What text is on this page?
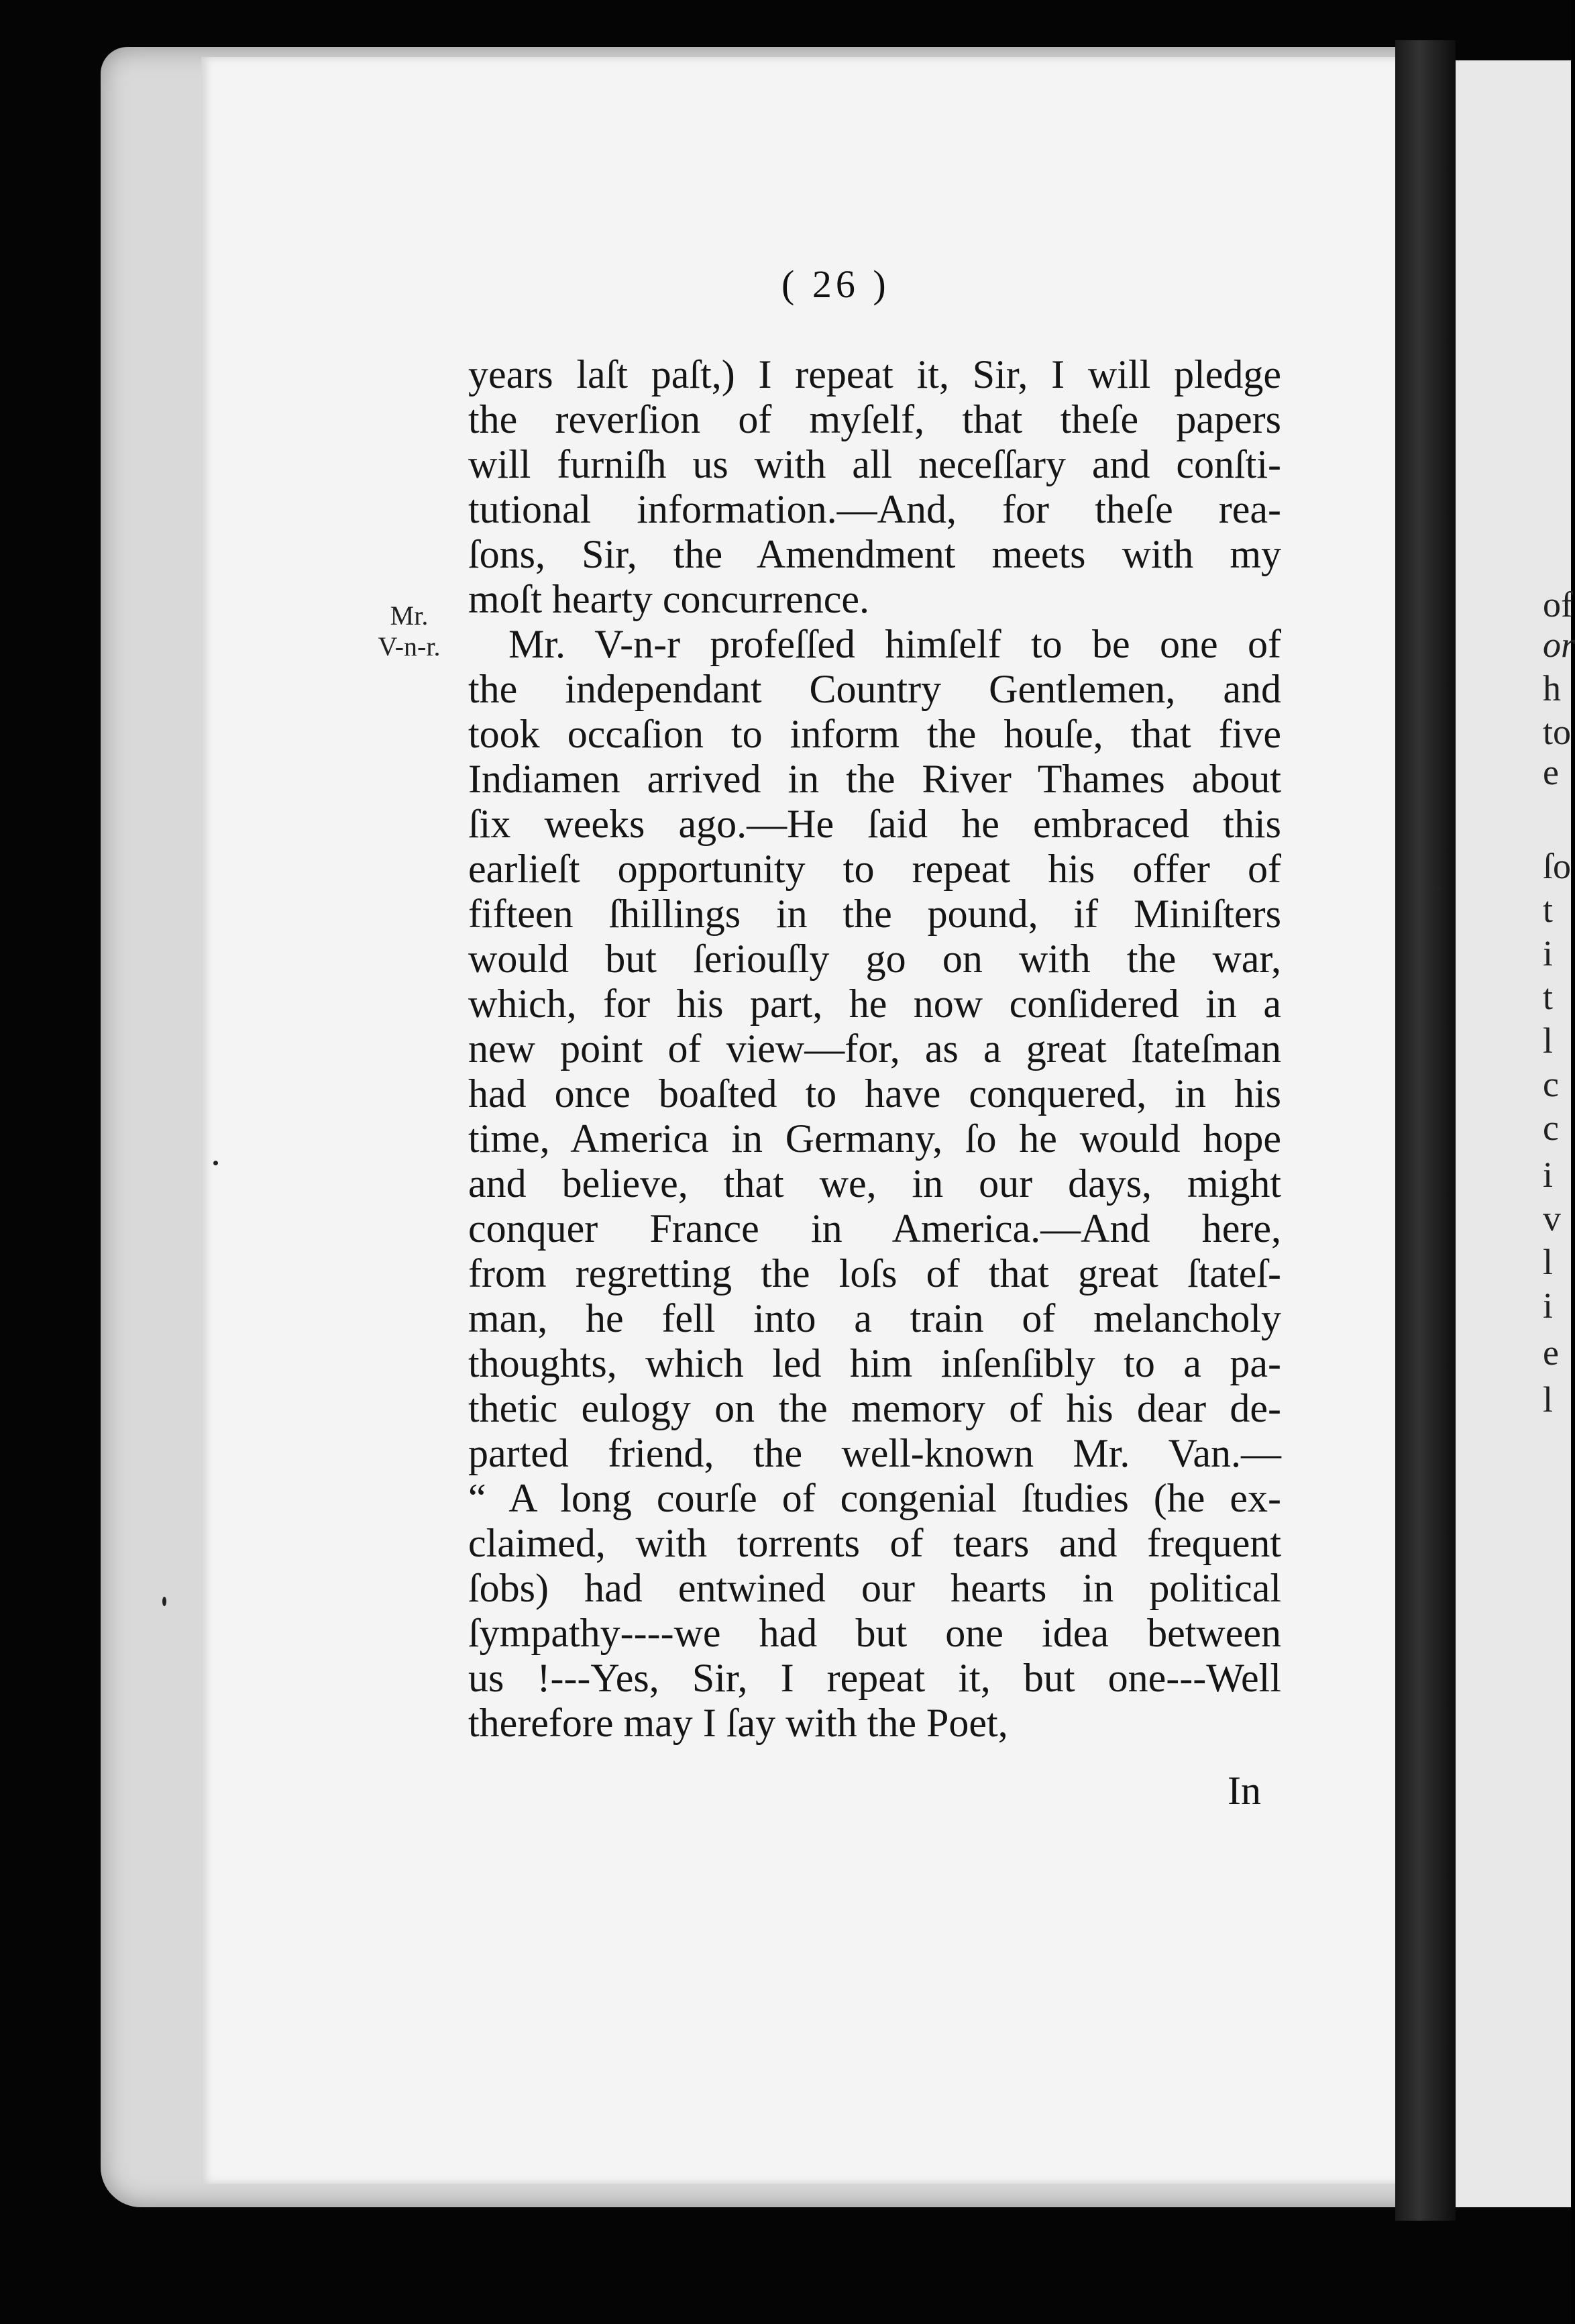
of
or
h
to
e
ſo
t
i
t
l
c
c
i
v
l
i
e
l
( 26 )
Mr.
V-n-r.
years laſt paſt,) I repeat it, Sir, I will pledge
the reverſion of myſelf, that theſe papers
will furniſh us with all neceſſary and conſti-
tutional information.—And, for theſe rea-
ſons, Sir, the Amendment meets with my
moſt hearty concurrence.
Mr. V-n-r profeſſed himſelf to be one of
the independant Country Gentlemen, and
took occaſion to inform the houſe, that five
Indiamen arrived in the River Thames about
ſix weeks ago.—He ſaid he embraced this
earlieſt opportunity to repeat his offer of
fifteen ſhillings in the pound, if Miniſters
would but ſeriouſly go on with the war,
which, for his part, he now conſidered in a
new point of view—for, as a great ſtateſman
had once boaſted to have conquered, in his
time, America in Germany, ſo he would hope
and believe, that we, in our days, might
conquer France in America.—And here,
from regretting the loſs of that great ſtateſ-
man, he fell into a train of melancholy
thoughts, which led him inſenſibly to a pa-
thetic eulogy on the memory of his dear de-
parted friend, the well-known Mr. Van.—
“ A long courſe of congenial ſtudies (he ex-
claimed, with torrents of tears and frequent
ſobs) had entwined our hearts in political
ſympathy----we had but one idea between
us !---Yes, Sir, I repeat it, but one---Well
therefore may I ſay with the Poet,
In
